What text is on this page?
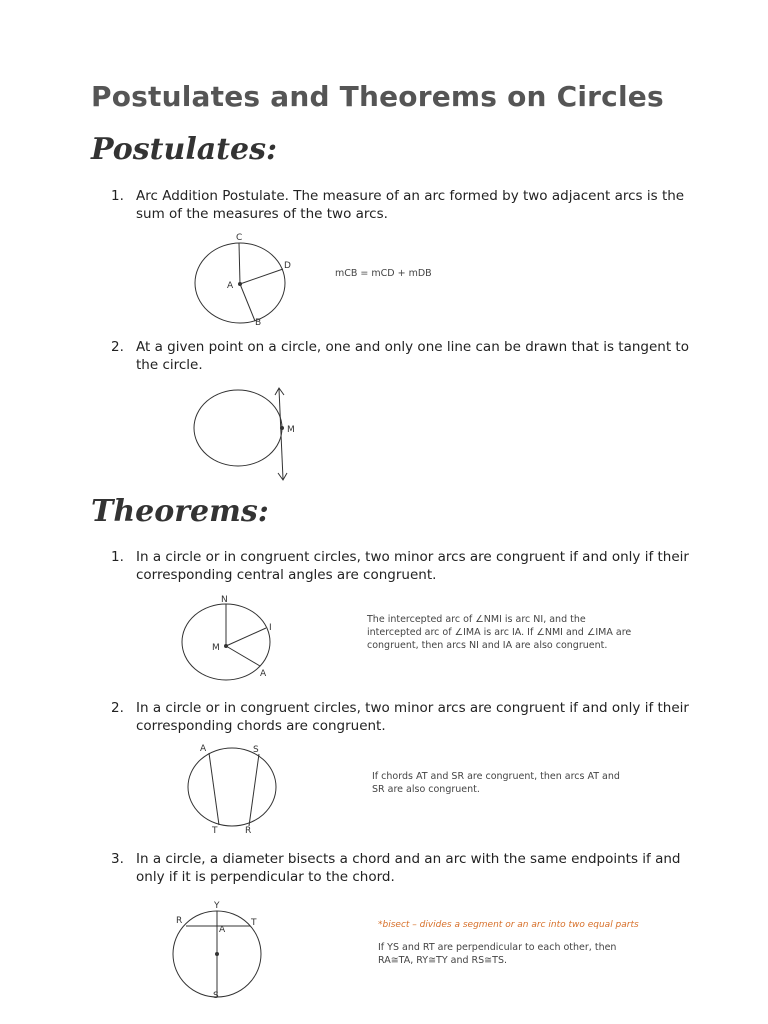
Postulates and Theorems on Circles
Postulates:
1. Arc Addition Postulate. The measure of an arc formed by two adjacent arcs is the sum of the measures of the two arcs.
C
D
A
B
mCB = mCD + mDB
2. At a given point on a circle, one and only one line can be drawn that is tangent to the circle.
M
Theorems:
1. In a circle or in congruent circles, two minor arcs are congruent if and only if their corresponding central angles are congruent.
N
I
M
A
The intercepted arc of ∠NMI is arc NI, and the intercepted arc of ∠IMA is arc IA. If ∠NMI and ∠IMA are congruent, then arcs NI and IA are also congruent.
2. In a circle or in congruent circles, two minor arcs are congruent if and only if their corresponding chords are congruent.
A	S
T	R
If chords AT and SR are congruent, then arcs AT and SR are also congruent.
3. In a circle, a diameter bisects a chord and an arc with the same endpoints if and only if it is perpendicular to the chord.
Y
R	T
A
S
*bisect – divides a segment or an arc into two equal parts
If YS and RT are perpendicular to each other, then RA≅TA, RY≅TY and RS≅TS.
